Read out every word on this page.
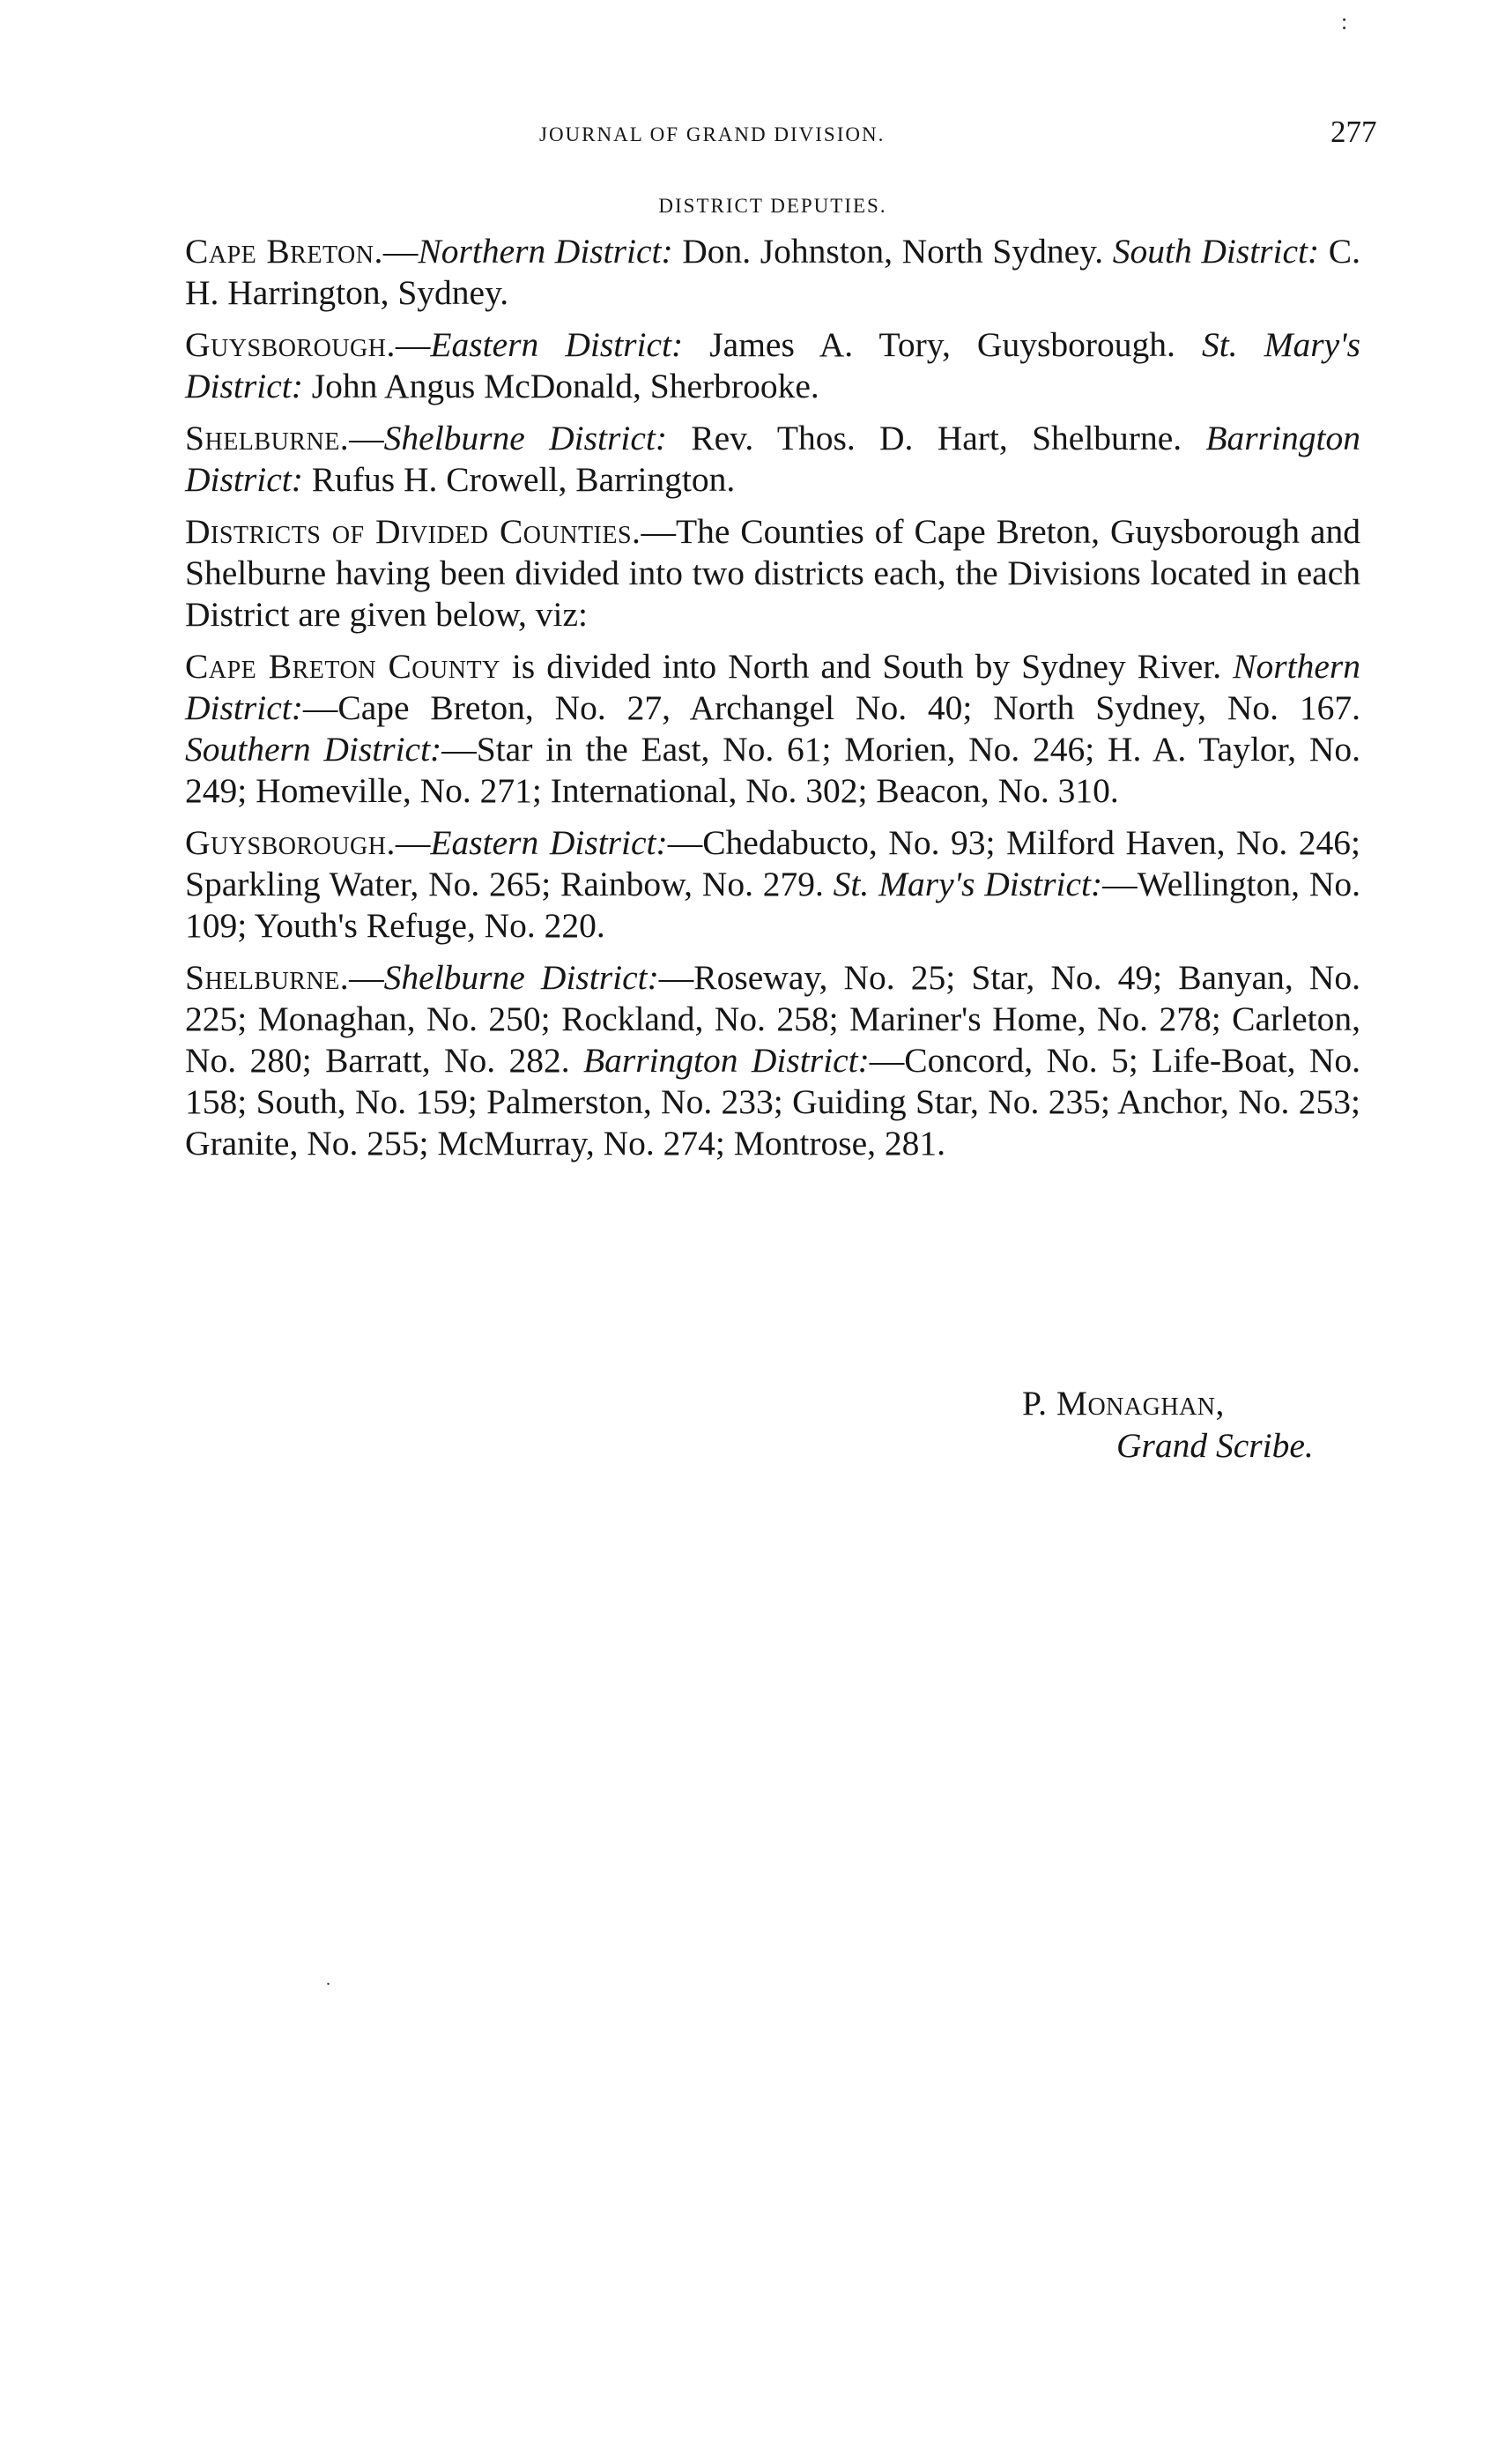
:
JOURNAL OF GRAND DIVISION.	277
DISTRICT DEPUTIES.

Cape Breton.—Northern District: Don. Johnston, North Sydney. South District: C. H. Harrington, Sydney.

Guysborough.—Eastern District: James A. Tory, Guysborough. St. Mary's District: John Angus McDonald, Sherbrooke.

Shelburne.—Shelburne District: Rev. Thos. D. Hart, Shelburne. Barrington District: Rufus H. Crowell, Barrington.

Districts of Divided Counties.—The Counties of Cape Breton, Guysborough and Shelburne having been divided into two districts each, the Divisions located in each District are given below, viz:

Cape Breton County is divided into North and South by Sydney River. Northern District:—Cape Breton, No. 27, Archangel No. 40; North Sydney, No. 167. Southern District:—Star in the East, No. 61; Morien, No. 246; H. A. Taylor, No. 249; Homeville, No. 271; International, No. 302; Beacon, No. 310.

Guysborough.—Eastern District:—Chedabucto, No. 93; Milford Haven, No. 246; Sparkling Water, No. 265; Rainbow, No. 279. St. Mary's District:—Wellington, No. 109; Youth's Refuge, No. 220.

Shelburne.—Shelburne District:—Roseway, No. 25; Star, No. 49; Banyan, No. 225; Monaghan, No. 250; Rockland, No. 258; Mariner's Home, No. 278; Carleton, No. 280; Barratt, No. 282. Barrington District:—Concord, No. 5; Life-Boat, No. 158; South, No. 159; Palmerston, No. 233; Guiding Star, No. 235; Anchor, No. 253; Granite, No. 255; McMurray, No. 274; Montrose, 281.

P. Monaghan,
Grand Scribe.
.
